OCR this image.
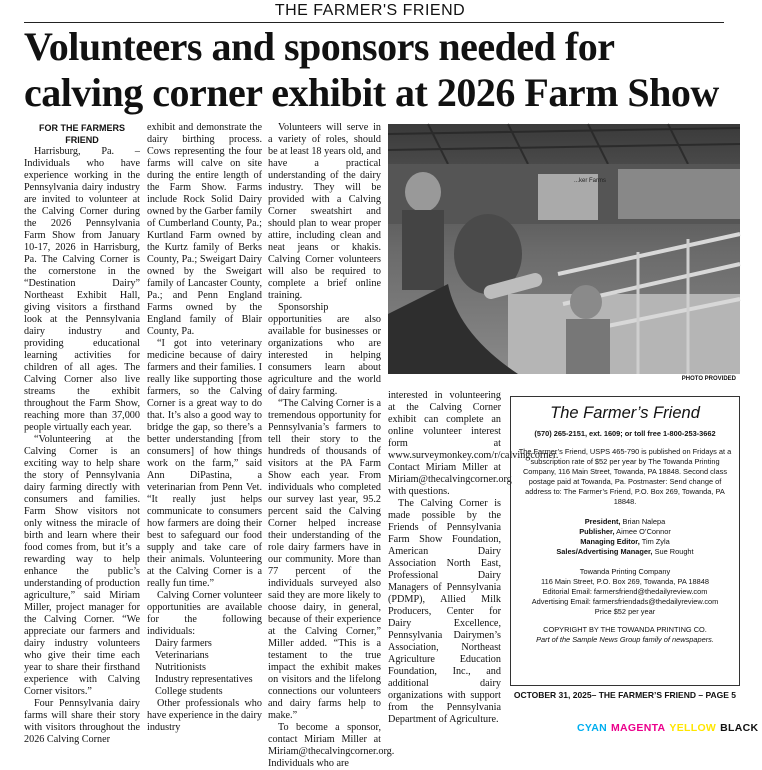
THE FARMER'S FRIEND
Volunteers and sponsors needed for calving corner exhibit at 2026 Farm Show

FOR THE FARMERS FRIEND

Harrisburg, Pa. – Individuals who have experience working in the Pennsylvania dairy industry are invited to volunteer at the Calving Corner during the 2026 Pennsylvania Farm Show from January 10-17, 2026 in Harrisburg, Pa. The Calving Corner is the cornerstone in the “Destination Dairy” Northeast Exhibit Hall, giving visitors a firsthand look at the Pennsylvania dairy industry and providing educational learning activities for children of all ages. The Calving Corner also live streams the exhibit throughout the Farm Show, reaching more than 37,000 people virtually each year.

“Volunteering at the Calving Corner is an exciting way to help share the story of Pennsylvania dairy farming directly with consumers and families. Farm Show visitors not only witness the miracle of birth and learn where their food comes from, but it’s a rewarding way to help enhance the public’s understanding of production agriculture,” said Miriam Miller, project manager for the Calving Corner. “We appreciate our farmers and dairy industry volunteers who give their time each year to share their firsthand experience with Calving Corner visitors.”

Four Pennsylvania dairy farms will share their story with visitors throughout the 2026 Calving Corner

exhibit and demonstrate the dairy birthing process. Cows representing the four farms will calve on site during the entire length of the Farm Show. Farms include Rock Solid Dairy owned by the Garber family of Cumberland County, Pa.; Kurtland Farm owned by the Kurtz family of Berks County, Pa.; Sweigart Dairy owned by the Sweigart family of Lancaster County, Pa.; and Penn England Farms owned by the England family of Blair County, Pa.

“I got into veterinary medicine because of dairy farmers and their families. I really like supporting those farmers, so the Calving Corner is a great way to do that. It’s also a good way to bridge the gap, so there’s a better understanding [from consumers] of how things work on the farm,” said Ann DiPastina, a veterinarian from Penn Vet. “It really just helps communicate to consumers how farmers are doing their best to safeguard our food supply and take care of their animals. Volunteering at the Calving Corner is a really fun time.”

Calving Corner volunteer opportunities are available for the following individuals:

Dairy farmers
Veterinarians
Nutritionists
Industry representatives
College students

Other professionals who have experience in the dairy industry

Volunteers will serve in a variety of roles, should be at least 18 years old, and have a practical understanding of the dairy industry. They will be provided with a Calving Corner sweatshirt and should plan to wear proper attire, including clean and neat jeans or khakis. Calving Corner volunteers will also be required to complete a brief online training.

Sponsorship opportunities are also available for businesses or organizations who are interested in helping consumers learn about agriculture and the world of dairy farming.

“The Calving Corner is a tremendous opportunity for Pennsylvania’s farmers to tell their story to the hundreds of thousands of visitors at the PA Farm Show each year. From individuals who completed our survey last year, 95.2 percent said the Calving Corner helped increase their understanding of the role dairy farmers have in our community. More than 77 percent of the individuals surveyed also said they are more likely to choose dairy, in general, because of their experience at the Calving Corner,” Miller added. “This is a testament to the true impact the exhibit makes on visitors and the lifelong connections our volunteers and dairy farms help to make.”

To become a sponsor, contact Miriam Miller at Miriam@thecalvingcorner.org. Individuals who are

interested in volunteering at the Calving Corner exhibit can complete an online volunteer interest form at www.surveymonkey.com/r/calvingcorner. Contact Miriam Miller at Miriam@thecalvingcorner.org with questions.

The Calving Corner is made possible by the Friends of Pennsylvania Farm Show Foundation, American Dairy Association North East, Professional Dairy Managers of Pennsylvania (PDMP), Allied Milk Producers, Center for Dairy Excellence, Pennsylvania Dairymen’s Association, Northeast Agriculture Education Foundation, Inc., and additional dairy organizations with support from the Pennsylvania Department of Agriculture.

...ker Farms
PHOTO PROVIDED
The Farmer’s Friend
(570) 265-2151, ext. 1609; or toll free 1-800-253-3662
The Farmer’s Friend, USPS 465-790 is published on Fridays at a subscription rate of $52 per year by The Towanda Printing Company, 116 Main Street, Towanda, PA 18848. Second class postage paid at Towanda, Pa. Postmaster: Send change of address to: The Farmer’s Friend, P.O. Box 269, Towanda, PA 18848.
President, Brian Nalepa
Publisher, Aimee O’Connor
Managing Editor, Tim Zyla
Sales/Advertising Manager, Sue Rought
Towanda Printing Company
116 Main Street, P.O. Box 269, Towanda, PA 18848
Editorial Email: farmersfriend@thedailyreview.com
Advertising Email: farmersfriendads@thedailyreview.com
Price $52 per year
COPYRIGHT BY THE TOWANDA PRINTING CO.
Part of the Sample News Group family of newspapers.
OCTOBER 31, 2025– THE FARMER’S FRIEND – PAGE 5
CYAN MAGENTA YELLOW BLACK
